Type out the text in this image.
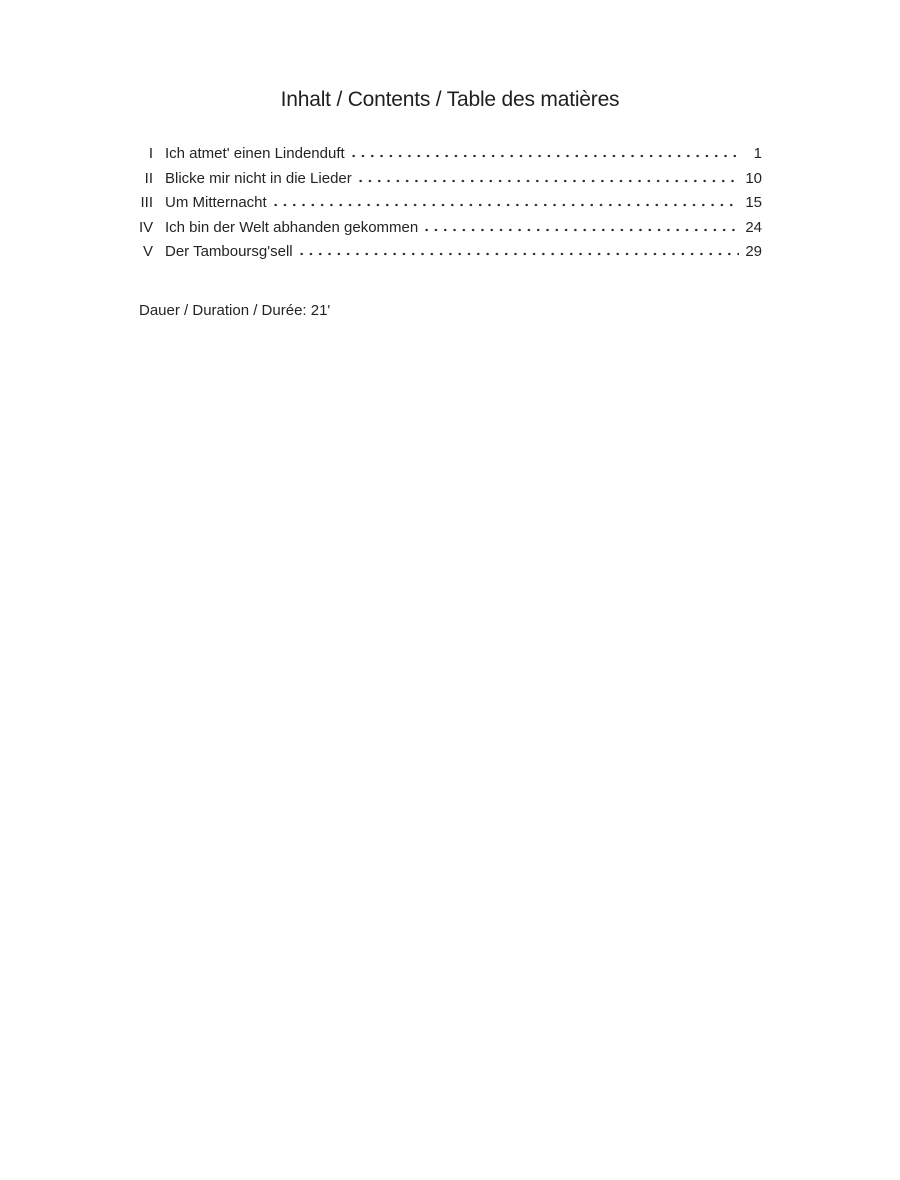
Inhalt / Contents / Table des matières
I Ich atmet' einen Lindenduft	1
II Blicke mir nicht in die Lieder	10
III Um Mitternacht	15
IV Ich bin der Welt abhanden gekommen	24
V Der Tamboursg'sell	29
Dauer / Duration / Durée: 21'
